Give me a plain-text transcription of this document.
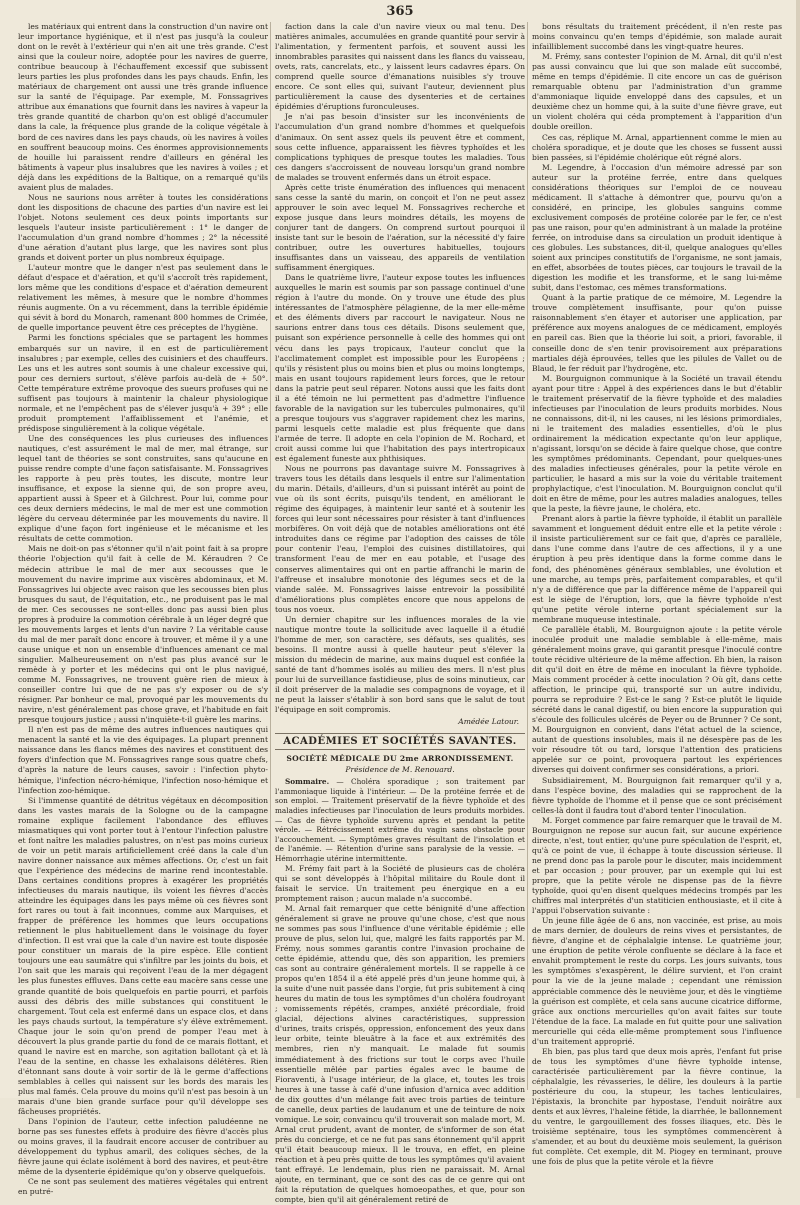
365

les matériaux qui entrent dans la construction d'un navire ont leur importance hygiénique, et il n'est pas jusqu'à la couleur dont on le revêt à l'extérieur qui n'en ait une très grande. C'est ainsi que la couleur noire, adoptée pour les navires de guerre, contribue beaucoup à l'échauffement excessif que subissent leurs parties les plus profondes dans les pays chauds. Enfin, les matériaux de chargement ont aussi une très grande influence sur la santé de l'équipage. Par exemple, M. Fonssagrives attribue aux émanations que fournit dans les navires à vapeur la très grande quantité de charbon qu'on est obligé d'accumuler dans la cale, la fréquence plus grande de la colique végétale à bord de ces navires dans les pays chauds, où les navires à voiles en souffrent beaucoup moins. Ces énormes approvisionnements de houille lui paraissent rendre d'ailleurs en général les bâtiments à vapeur plus insalubres que les navires à voiles ; et déjà dans les expéditions de la Baltique, on a remarqué qu'ils avaient plus de malades.

Nous ne saurions nous arrêter à toutes les considérations dont les dispositions de chacune des parties d'un navire est lei l'objet. Notons seulement ces deux points importants sur lesquels l'auteur insiste particulièrement : 1° le danger de l'accumulation d'un grand nombre d'hommes ; 2° la nécessité d'une aération d'autant plus large, que les navires sont plus grands et doivent porter un plus nombreux équipage.

L'auteur montre que le danger n'est pas seulement dans le défaut d'espace et d'aération, et qu'il s'accroît très rapidement, lors même que les conditions d'espace et d'aération demeurent relativement les mêmes, à mesure que le nombre d'hommes réunis augmente. On a vu récemment, dans la terrible épidémie qui sévit à bord du Monarch, ramenant 800 hommes de Crimée, de quelle importance peuvent être ces préceptes de l'hygiène.

Parmi les fonctions spéciales que se partagent les hommes embarqués sur un navire, il en est de particulièrement insalubres ; par exemple, celles des cuisiniers et des chauffeurs. Les uns et les autres sont soumis à une chaleur excessive qui, pour ces derniers surtout, s'élève parfois au-delà de + 50°. Cette température extrême provoque des sueurs profuses qui ne suffisent pas toujours à maintenir la chaleur physiologique normale, et ne l'empêchent pas de s'élever jusqu'à + 39° ; elle produit promptement l'affaiblissement et l'anémie, et prédispose singulièrement à la colique végétale.

Une des conséquences les plus curieuses des influences nautiques, c'est assurément le mal de mer, mal étrange, sur lequel tant de théories se sont construites, sans qu'aucune en puisse rendre compte d'une façon satisfaisante. M. Fonssagrives les rapporte à peu près toutes, les discute, montre leur insuffisance, et expose la sienne qui, de son propre aveu, appartient aussi à Speer et à Gilchrest. Pour lui, comme pour ces deux derniers médecins, le mal de mer est une commotion légère du cerveau déterminée par les mouvements du navire. Il explique d'une façon fort ingénieuse et le mécanisme et les résultats de cette commotion.

Mais ne doit-on pas s'étonner qu'il n'ait point fait à sa propre théorie l'objection qu'il fait à celle de M. Kéraudren ? Ce médecin attribue le mal de mer aux secousses que le mouvement du navire imprime aux viscères abdominaux, et M. Fonssagrives lui objecte avec raison que les secousses bien plus brusques du saut, de l'équitation, etc., ne produisent pas le mal de mer. Ces secousses ne sont-elles donc pas aussi bien plus propres à produire la commotion cérébrale à un léger degré que les mouvements larges et lents d'un navire ? La véritable cause du mal de mer paraît donc encore à trouver, et même il y a une cause unique et non un ensemble d'influences amenant ce mal singulier. Malheureusement on n'est pas plus avancé sur le remède à y porter et les médecins qui ont le plus navigué, comme M. Fonssagrives, ne trouvent guère rien de mieux à conseiller contre lui que de ne pas s'y exposer ou de s'y résigner. Par bonheur ce mal, provoqué par les mouvements du navire, n'est généralement pas chose grave, et l'habitude en fait presque toujours justice ; aussi n'inquiète-t-il guère les marins.

Il n'en est pas de même des autres influences nautiques qui menacent la santé et la vie des équipages. La plupart prennent naissance dans les flancs mêmes des navires et constituent des foyers d'infection que M. Fonssagrives range sous quatre chefs, d'après la nature de leurs causes, savoir : l'infection phyto-hémique, l'infection nécro-hémique, l'infection noso-hémique et l'infection zoo-hémique.

Si l'immense quantité de détritus végétaux en décomposition dans les vastes marais de la Sologne ou de la campagne romaine explique facilement l'abondance des effluves miasmatiques qui vont porter tout à l'entour l'infection palustre et font naître les maladies palustres, on n'est pas moins curieux de voir un petit marais artificiellement créé dans la cale d'un navire donner naissance aux mêmes affections. Or, c'est un fait que l'expérience des médecins de marine rend incontestable. Dans certaines conditions propres à exagérer les propriétés infectieuses du marais nautique, ils voient les fièvres d'accès atteindre les équipages dans les pays même où ces fièvres sont fort rares ou tout à fait inconnues, comme aux Marquises, et frapper de préférence les hommes que leurs occupations retiennent le plus habituellement dans le voisinage du foyer d'infection. Il est vrai que la cale d'un navire est toute disposée pour constituer un marais de la pire espèce. Elle contient toujours une eau saumâtre qui s'infiltre par les joints du bois, et l'on sait que les marais qui reçoivent l'eau de la mer dégagent les plus funestes effluves. Dans cette eau macère sans cesse une grande quantité de bois quelquefois en partie pourri, et parfois aussi des débris des mille substances qui constituent le chargement. Tout cela est enfermé dans un espace clos, et dans les pays chauds surtout, la température s'y élève extrêmement. Chaque jour le soin qu'on prend de pomper l'eau met à découvert la plus grande partie du fond de ce marais flottant, et quand le navire est en marche, son agitation ballotant çà et là l'eau de la sentine, en chasse les exhalaisons délétères. Rien d'étonnant sans doute à voir sortir de là le germe d'affections semblables à celles qui naissent sur les bords des marais les plus mal famés. Cela prouve du moins qu'il n'est pas besoin à un marais d'une bien grande surface pour qu'il développe ses fâcheuses propriétés.

Dans l'opinion de l'auteur, cette infection paludéenne ne borne pas ses funestes effets à produire des fièvre d'accès plus ou moins graves, il la faudrait encore accuser de contribuer au développement du typhus amaril, des coliques sèches, de la fièvre jaune qui éclate isolément à bord des navires, et peut-être même de la dysenterie épidémique qu'on y observe quelquefois.

Ce ne sont pas seulement des matières végétales qui entrent en putré-

faction dans la cale d'un navire vieux ou mal tenu. Des matières animales, accumulées en grande quantité pour servir à l'alimentation, y fermentent parfois, et souvent aussi les innombrables parasites qui naissent dans les flancs du vaisseau, ovets, rats, cancrelats, etc., y laissent leurs cadavres épars. On comprend quelle source d'émanations nuisibles s'y trouve encore. Ce sont elles qui, suivant l'auteur, deviennent plus particulièrement la cause des dysenteries et de certaines épidémies d'éruptions furonculeuses.

Je n'ai pas besoin d'insister sur les inconvénients de l'accumulation d'un grand nombre d'hommes et quelquefois d'animaux. On sent assez quels ils peuvent être et comment, sous cette influence, apparaissent les fièvres typhoïdes et les complications typhiques de presque toutes les maladies. Tous ces dangers s'accroissent de nouveau lorsqu'un grand nombre de malades se trouvent enfermés dans un étroit espace.

Après cette triste énumération des influences qui menacent sans cesse la santé du marin, on conçoit et l'on ne peut assez approuver le soin avec lequel M. Fonssagrives recherche et expose jusque dans leurs moindres détails, les moyens de conjurer tant de dangers. On comprend surtout pourquoi il insiste tant sur le besoin de l'aération, sur la nécessité d'y faire contribuer, outre les ouvertures habituelles, toujours insuffisantes dans un vaisseau, des appareils de ventilation suffisamment énergiques.

Dans le quatrième livre, l'auteur expose toutes les influences auxquelles le marin est soumis par son passage continuel d'une région à l'autre du monde. On y trouve une étude des plus intéressantes de l'atmosphère pélagienne, de la mer elle-même et des éléments divers par raccourt le navigateur. Nous ne saurions entrer dans tous ces détails. Disons seulement que, puisant son expérience personnelle à celle des hommes qui ont vécu dans les pays tropicaux, l'auteur conclut que la l'acclimatement complet est impossible pour les Européens ; qu'ils y résistent plus ou moins bien et plus ou moins longtemps, mais en usant toujours rapidement leurs forces, que le retour dans la patrie peut seul réparer. Notons aussi que les faits dont il a été témoin ne lui permettent pas d'admettre l'influence favorable de la navigation sur les tubercules pulmonaires, qu'il a presque toujours vus s'aggraver rapidement chez les marins, parmi lesquels cette maladie est plus fréquente que dans l'armée de terre. Il adopte en cela l'opinion de M. Rochard, et croit aussi comme lui que l'habitation des pays intertropicaux est également funeste aux phthisiques.

Nous ne pourrons pas davantage suivre M. Fonssagrives à travers tous les détails dans lesquels il entre sur l'alimentation du marin. Détails, d'ailleurs, d'un si puissant intérêt au point de vue où ils sont écrits, puisqu'ils tendent, en améliorant le régime des équipages, à maintenir leur santé et à soutenir les forces qui leur sont nécessaires pour résister à tant d'influences morbifères. On voit déjà que de notables améliorations ont été introduites dans ce régime par l'adoption des caisses de tôle pour contenir l'eau, l'emploi des cuisines distillatoires, qui transforment l'eau de mer en eau potable, et l'usage des conserves alimentaires qui ont en partie affranchi le marin de l'affreuse et insalubre monotonie des légumes secs et de la viande salée. M. Fonssagrives laisse entrevoir la possibilité d'améliorations plus complètes encore que nous appelons de tous nos voeux.

Un dernier chapitre sur les influences morales de la vie nautique montre toute la sollicitude avec laquelle il a étudié l'homme de mer, son caractère, ses défauts, ses qualités, ses besoins. Il montre aussi à quelle hauteur peut s'élever la mission du médecin de marine, aux mains duquel est confiée la santé de tant d'hommes isolés au milieu des mers. Il n'est plus pour lui de surveillance fastidieuse, plus de soins minutieux, car il doit préserver de la maladie ses compagnons de voyage, et il ne peut la laisser s'établir à son bord sans que le salut de tout l'équipage en soit compromis.

Amédée Latour.

ACADÉMIES ET SOCIÉTÉS SAVANTES.
SOCIÉTÉ MÉDICALE DU 2me ARRONDISSEMENT.
Présidence de M. Renouard.

Sommaire. — Choléra sporadique ; son traitement par l'ammoniaque liquide à l'intérieur. — De la protéine ferrée et de son emploi. — Traitement préservatif de la fièvre typhoïde et des maladies infectieuses par l'inoculation de leurs produits morbides. — Cas de fièvre typhoïde survenu après et pendant la petite vérole. — Rétrécissement extrême du vagin sans obstacle pour l'accouchement. — Symptômes graves résultant de l'insolation et de l'anémie. — Rétention d'urine sans paralysie de la vessie. — Hémorrhagie utérine intermittente.

M. Frémy fait part à la Société de plusieurs cas de choléra qui se sont développés à l'hôpital militaire du Roule dont il faisait le service. Un traitement peu énergique en a eu promptement raison ; aucun malade n'a succombé.

M. Arnal fait remarquer que cette bénignité d'une affection généralement si grave ne prouve qu'une chose, c'est que nous ne sommes pas sous l'influence d'une véritable épidémie ; elle prouve de plus, selon lui, que, malgré les faits rapportés par M. Frémy, nous sommes garantis contre l'invasion prochaine de cette épidémie, attendu que, dès son apparition, les premiers cas sont au contraire généralement mortels. Il se rappelle à ce propos qu'en 1854 il a été appelé près d'un jeune homme qui, à la suite d'une nuit passée dans l'orgie, fut pris subitement à cinq heures du matin de tous les symptômes d'un choléra foudroyant ; vomissements répétés, crampes, anxiété précordiale, froid glacial, déjections alvines caractéristiques, suppression d'urines, traits crispés, oppression, enfoncement des yeux dans leur orbite, teinte bleuâtre à la face et aux extrémités des membres, rien n'y manquait. Le malade fut soumis immédiatement à des frictions sur tout le corps avec l'huile essentielle mêlée par parties égales avec le baume de Fioraventi, à l'usage intérieur, de la glace, et, toutes les trois heures à une tasse à café d'une infusion d'arnica avec addition de dix gouttes d'un mélange fait avec trois parties de teinture de canelle, deux parties de laudanum et une de teinture de noix vomique. Le soir, convaincu qu'il trouverait son malade mort, M. Arnal crut prudent, avant de monter, de s'informer de son état près du concierge, et ce ne fut pas sans étonnement qu'il apprit qu'il était beaucoup mieux. Il le trouva, en effet, en pleine réaction et à peu près quitte de tous les symptômes qu'il avaient tant effrayé. Le lendemain, plus rien ne paraissait. M. Arnal ajoute, en terminant, que ce sont des cas de ce genre qui ont fait la réputation de quelques homoeopathes, et que, pour son compte, bien qu'il ait généralement retiré de

bons résultats du traitement précédent, il n'en reste pas moins convaincu qu'en temps d'épidémie, son malade aurait infailliblement succombé dans les vingt-quatre heures.

M. Frémy, sans contester l'opinion de M. Arnal, dit qu'il n'est pas aussi convaincu que lui que son malade eût succombé, même en temps d'épidémie. Il cite encore un cas de guérison remarquable obtenu par l'administration d'un gramme d'ammoniaque liquide enveloppé dans des capsules, et un deuxième chez un homme qui, à la suite d'une fièvre grave, eut un violent choléra qui céda promptement à l'apparition d'un double oreillon.

Ces cas, réplique M. Arnal, appartiennent comme le mien au choléra sporadique, et je doute que les choses se fussent aussi bien passées, si l'épidémie cholérique eût régné alors.

M. Legendre, à l'occasion d'un mémoire adressé par son auteur sur la protéine ferrée, entre dans quelques considérations théoriques sur l'emploi de ce nouveau médicament. Il s'attache à démontrer que, pourvu qu'on a considéré, en principe, les globules sanguins comme exclusivement composés de protéine colorée par le fer, ce n'est pas une raison, pour qu'en administrant à un malade la protéine ferrée, on introduise dans sa circulation un produit identique à ces globules. Les substances, dit-il, quelque analogues qu'elles soient aux principes constitutifs de l'organisme, ne sont jamais, en effet, absorbées de toutes pièces, car toujours le travail de la digestion les modifie et les transforme, et le sang lui-même subit, dans l'estomac, ces mêmes transformations.

Quant à la partie pratique de ce mémoire, M. Legendre la trouve complètement insuffisante, pour qu'on puisse raisonnablement s'en étayer et autoriser une application, par préférence aux moyens analogues de ce médicament, employés en pareil cas. Bien que la théorie lui soit, a priori, favorable, il conseille donc de s'en tenir provisoirement aux préparations martiales déjà éprouvées, telles que les pilules de Vallet ou de Blaud, le fer réduit par l'hydrogène, etc.

M. Bourguignon communique à la Société un travail étendu ayant pour titre : Appel à des expériences dans le but d'établir le traitement préservatif de la fièvre typhoïde et des maladies infectieuses par l'inoculation de leurs produits morbides. Nous ne connaissons, dit-il, ni les causes, ni les lésions primordiales, ni le traitement des maladies essentielles, d'où le plus ordinairement la médication expectante qu'on leur applique, n'agissant, lorsqu'on se décide à faire quelque chose, que contre les symptômes prédominants. Cependant, pour quelques-unes des maladies infectieuses générales, pour la petite vérole en particulier, le hasard a mis sur la voie du véritable traitement prophylactique, c'est l'inoculation. M. Bourguignon conclut qu'il doit en être de même, pour les autres maladies analogues, telles que la peste, la fièvre jaune, le choléra, etc.

Prenant alors à partie la fièvre typhoïde, il établit un parallèle savamment et longuement déduit entre elle et la petite vérole : il insiste particulièrement sur ce fait que, d'après ce parallèle, dans l'une comme dans l'autre de ces affections, il y a une éruption à peu près identique dans la forme comme dans le fond, des phénomènes généraux semblables, une évolution et une marche, au temps près, parfaitement comparables, et qu'il n'y a de différence que par la différence même de l'appareil qui est le siège de l'éruption, lors, que la fièvre typhoïde n'est qu'une petite vérole interne portant spécialement sur la membrane muqueuse intestinale.

Ce parallèle établi, M. Bourguignon ajoute : la petite vérole inoculée produit une maladie semblable à elle-même, mais généralement moins grave, qui garantit presque l'inoculé contre toute récidive ultérieure de la même affection. Eh bien, la raison dit qu'il doit en être de même en inoculant la fièvre typhoïde. Mais comment procéder à cette inoculation ? Où gît, dans cette affection, le principe qui, transporté sur un autre individu, pourra se reproduire ? Est-ce le sang ? Est-ce plutôt le liquide sécrété dans le canal digestif, ou bien encore la suppuration qui s'écoule des follicules ulcérés de Peyer ou de Brunner ? Ce sont, M. Bourguignon en convient, dans l'état actuel de la science, autant de questions insolubles, mais il ne désespère pas de les voir résoudre tôt ou tard, lorsque l'attention des praticiens appelée sur ce point, provoquera partout les expériences diverses qui doivent confirmer ses considérations, a priori.

Subsidiairement, M. Bourguignon fait remarquer qu'il y a, dans l'espèce bovine, des maladies qui se rapprochent de la fièvre typhoïde de l'homme et il pense que ce sont précisément celles-là dont il faudra tout d'abord tenter l'inoculation.

M. Forget commence par faire remarquer que le travail de M. Bourguignon ne repose sur aucun fait, sur aucune expérience directe, n'est, tout entier, qu'une pure spéculation de l'esprit, et, qu'à ce point de vue, il échappe à toute discussion sérieuse. Il ne prend donc pas la parole pour le discuter, mais incidemment et par occasion ; pour prouver, par un exemple qui lui est propre, que la petite vérole ne dispense pas de la fièvre typhoïde, quoi qu'en disent quelques médecins trompés par les chiffres mal interprétés d'un statiticien enthousiaste, et il cite à l'appui l'observation suivante :

Un jeune fille âgée de 6 ans, non vaccinée, est prise, au mois de mars dernier, de douleurs de reins vives et persistantes, de fièvre, d'angine et de céphalalgie intense. Le quatrième jour, une éruption de petite vérole confluente se déclare à la face et envahit promptement le reste du corps. Les jours suivants, tous les symptômes s'exaspèrent, le délire survient, et l'on craint pour la vie de la jeune malade ; cependant une rémission appréciable commence dès le neuvième jour, et dès le vingtième la guérison est complète, et cela sans aucune cicatrice difforme, grâce aux onctions mercurielles qu'on avait faites sur toute l'étendue de la face. La malade en fut quitte pour une salivation mercurielle qui céda elle-même promptement sous l'influence d'un traitement approprié.

Eh bien, pas plus tard que deux mois après, l'enfant fut prise de tous les symptômes d'une fièvre typhoïde intense, caractérisée particulièrement par la fièvre continue, la céphalalgie, les révasseries, le délire, les douleurs à la partie postérieure du cou, la stupeur, les taches lenticulaires, l'épistaxis, la bronchite par hypostase, l'enduit noirâtre aux dents et aux lèvres, l'haleine fétide, la diarrhée, le ballonnement du ventre, le gargouillement des fosses iliaques, etc. Dès le troisième septénaire, tous les symptômes commencèrent à s'amender, et au bout du deuxième mois seulement, la guérison fut complète. Cet exemple, dit M. Piogey en terminant, prouve une fois de plus que la petite vérole et la fièvre
